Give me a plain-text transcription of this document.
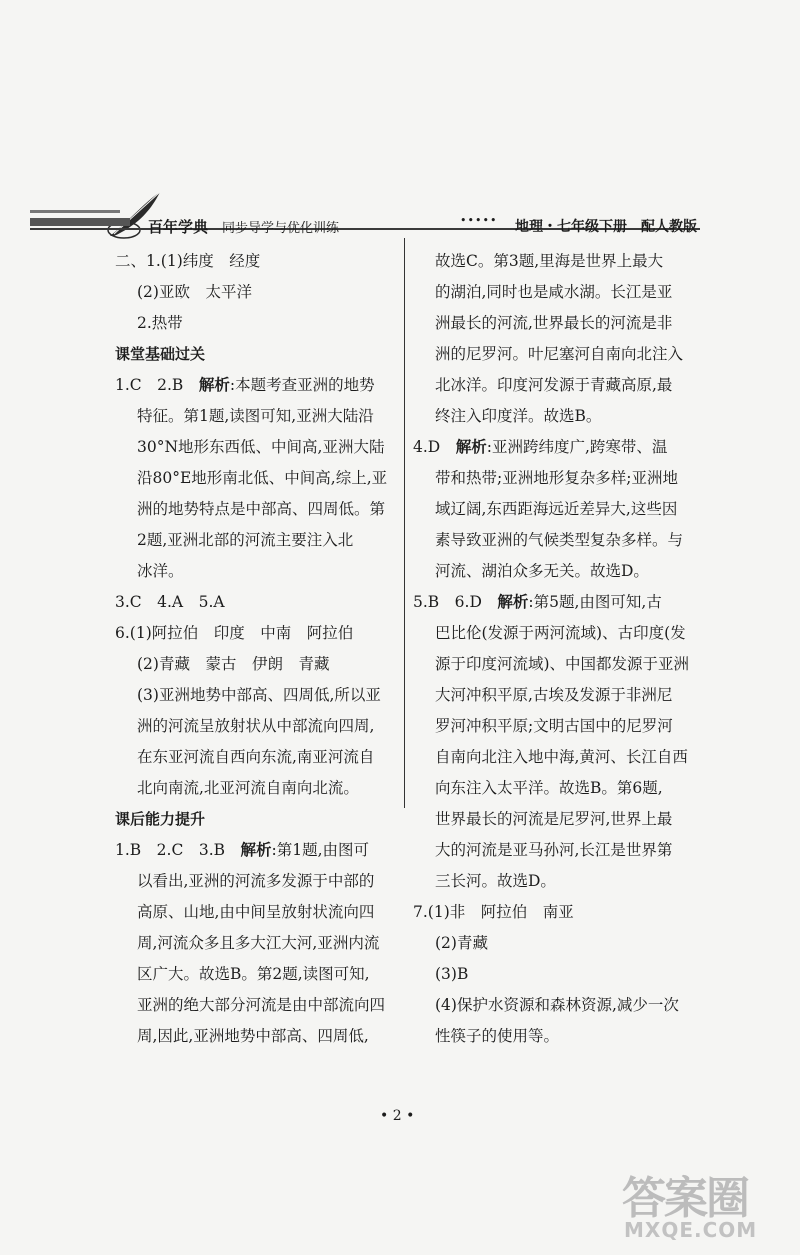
百年学典 同步导学与优化训练
••••• 地理・七年级下册　配人教版
二、1.(1)纬度　经度
(2)亚欧　太平洋
2.热带
课堂基础过关
1.C　2.B　解析:本题考查亚洲的地势
特征。第1题,读图可知,亚洲大陆沿
30°N地形东西低、中间高,亚洲大陆
沿80°E地形南北低、中间高,综上,亚
洲的地势特点是中部高、四周低。第
2题,亚洲北部的河流主要注入北
冰洋。
3.C　4.A　5.A
6.(1)阿拉伯　印度　中南　阿拉伯
(2)青藏　蒙古　伊朗　青藏
(3)亚洲地势中部高、四周低,所以亚
洲的河流呈放射状从中部流向四周,
在东亚河流自西向东流,南亚河流自
北向南流,北亚河流自南向北流。
课后能力提升
1.B　2.C　3.B　解析:第1题,由图可
以看出,亚洲的河流多发源于中部的
高原、山地,由中间呈放射状流向四
周,河流众多且多大江大河,亚洲内流
区广大。故选B。第2题,读图可知,
亚洲的绝大部分河流是由中部流向四
周,因此,亚洲地势中部高、四周低,
故选C。第3题,里海是世界上最大
的湖泊,同时也是咸水湖。长江是亚
洲最长的河流,世界最长的河流是非
洲的尼罗河。叶尼塞河自南向北注入
北冰洋。印度河发源于青藏高原,最
终注入印度洋。故选B。
4.D　解析:亚洲跨纬度广,跨寒带、温
带和热带;亚洲地形复杂多样;亚洲地
域辽阔,东西距海远近差异大,这些因
素导致亚洲的气候类型复杂多样。与
河流、湖泊众多无关。故选D。
5.B　6.D　解析:第5题,由图可知,古
巴比伦(发源于两河流域)、古印度(发
源于印度河流域)、中国都发源于亚洲
大河冲积平原,古埃及发源于非洲尼
罗河冲积平原;文明古国中的尼罗河
自南向北注入地中海,黄河、长江自西
向东注入太平洋。故选B。第6题,
世界最长的河流是尼罗河,世界上最
大的河流是亚马孙河,长江是世界第
三长河。故选D。
7.(1)非　阿拉伯　南亚
(2)青藏
(3)B
(4)保护水资源和森林资源,减少一次
性筷子的使用等。
• 2 •
答案圈
MXQE.COM
